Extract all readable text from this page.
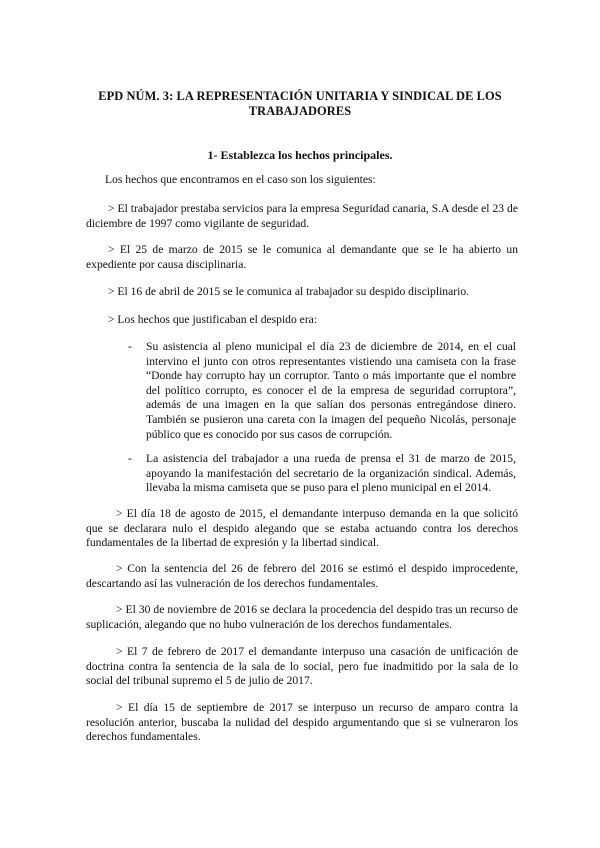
EPD NÚM. 3: LA REPRESENTACIÓN UNITARIA Y SINDICAL DE LOS
TRABAJADORES
1- Establezca los hechos principales.

Los hechos que encontramos en el caso son los siguientes:

> El trabajador prestaba servicios para la empresa Seguridad canaria, S.A desde el 23 de diciembre de 1997 como vigilante de seguridad.

> El 25 de marzo de 2015 se le comunica al demandante que se le ha abierto un expediente por causa disciplinaria.

> El 16 de abril de 2015 se le comunica al trabajador su despido disciplinario.

> Los hechos que justificaban el despido era:

- Su asistencia al pleno municipal el día 23 de diciembre de 2014, en el cual intervino el junto con otros representantes vistiendo una camiseta con la frase “Donde hay corrupto hay un corruptor. Tanto o más importante que el nombre del político corrupto, es conocer el de la empresa de seguridad corruptora”, además de una imagen en la que salían dos personas entregándose dinero. También se pusieron una careta con la imagen del pequeño Nicolás, personaje público que es conocido por sus casos de corrupción.

- La asistencia del trabajador a una rueda de prensa el 31 de marzo de 2015, apoyando la manifestación del secretario de la organización sindical. Además, llevaba la misma camiseta que se puso para el pleno municipal en el 2014.

> El día 18 de agosto de 2015, el demandante interpuso demanda en la que solicitó que se declarara nulo el despido alegando que se estaba actuando contra los derechos fundamentales de la libertad de expresión y la libertad sindical.

> Con la sentencia del 26 de febrero del 2016 se estimó el despido improcedente, descartando así las vulneración de los derechos fundamentales.

> El 30 de noviembre de 2016 se declara la procedencia del despido tras un recurso de suplicación, alegando que no hubo vulneración de los derechos fundamentales.

> El 7 de febrero de 2017 el demandante interpuso una casación de unificación de doctrina contra la sentencia de la sala de lo social, pero fue inadmitido por la sala de lo social del tribunal supremo el 5 de julio de 2017.

> El día 15 de septiembre de 2017 se interpuso un recurso de amparo contra la resolución anterior, buscaba la nulidad del despido argumentando que si se vulneraron los derechos fundamentales.
